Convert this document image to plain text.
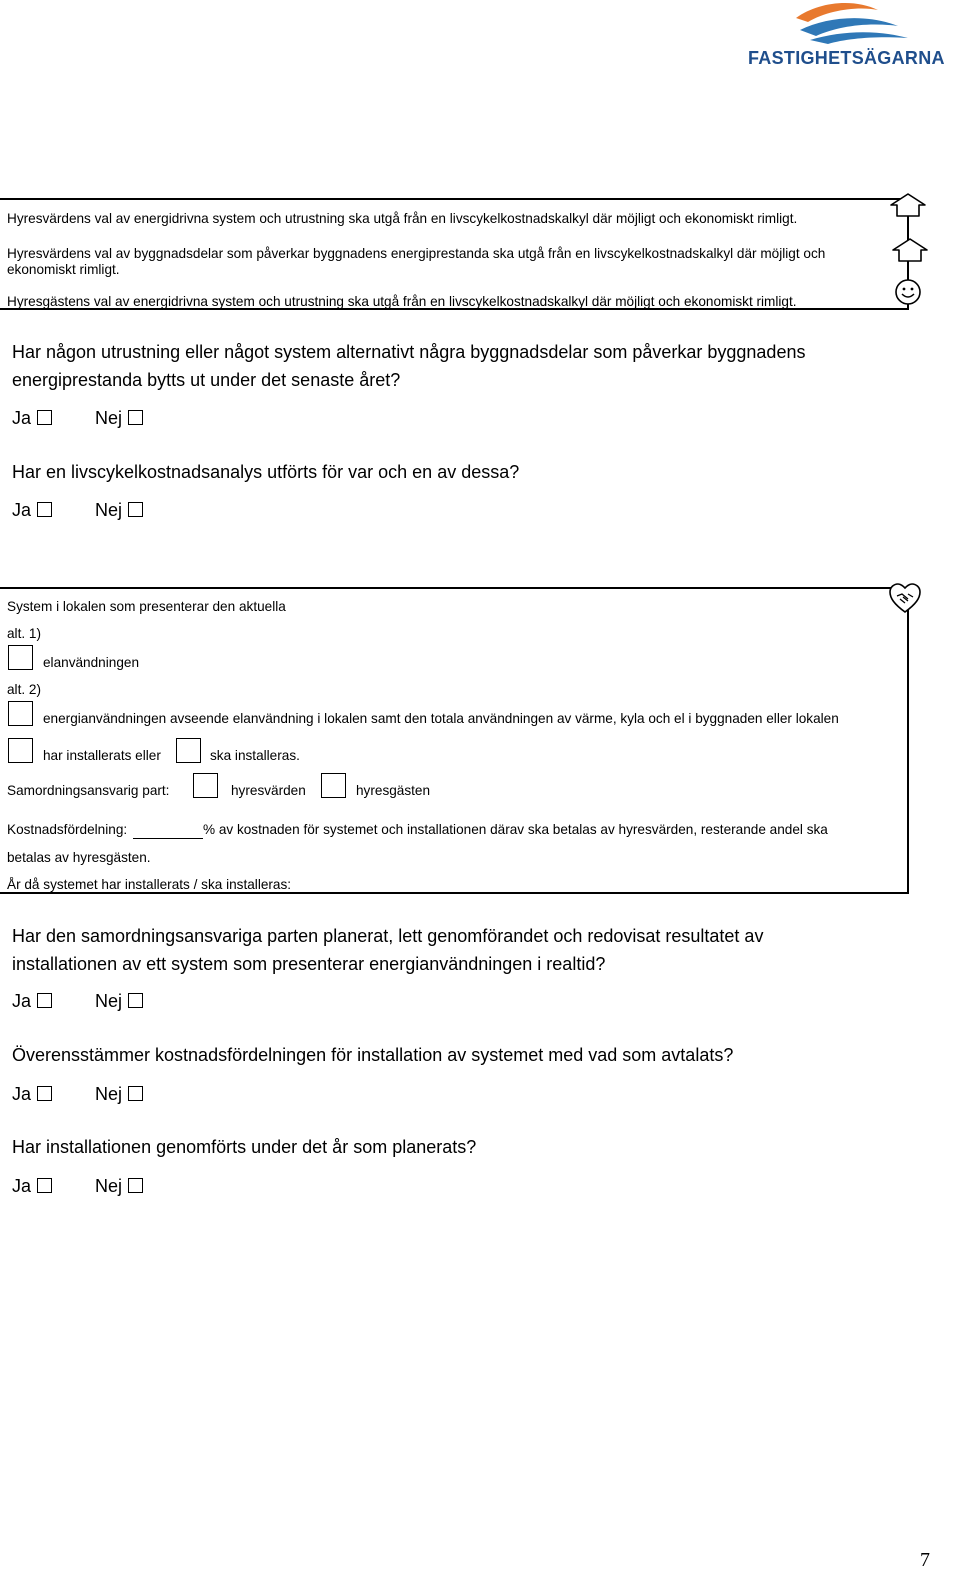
FASTIGHETSÄGARNA
Hyresvärdens val av energidrivna system och utrustning ska utgå från en livscykelkostnadskalkyl där möjligt och ekonomiskt rimligt.
Hyresvärdens val av byggnadsdelar som påverkar byggnadens energiprestanda ska utgå från en livscykelkostnadskalkyl där möjligt och
ekonomiskt rimligt.
Hyresgästens val av energidrivna system och utrustning ska utgå från en livscykelkostnadskalkyl där möjligt och ekonomiskt rimligt.
Har någon utrustning eller något system alternativt några byggnadsdelar som påverkar byggnadens
energiprestanda bytts ut under det senaste året?
Ja	Nej
Har en livscykelkostnadsanalys utförts för var och en av dessa?
Ja	Nej
System i lokalen som presenterar den aktuella
alt. 1)
elanvändningen
alt. 2)
energianvändningen avseende elanvändning i lokalen samt den totala användningen av värme, kyla och el i byggnaden eller lokalen
har installerats eller	ska installeras.
Samordningsansvarig part:	hyresvärden	hyresgästen
Kostnadsfördelning:	% av kostnaden för systemet och installationen därav ska betalas av hyresvärden, resterande andel ska
betalas av hyresgästen.
År då systemet har installerats / ska installeras:
Har den samordningsansvariga parten planerat, lett genomförandet och redovisat resultatet av
installationen av ett system som presenterar energianvändningen i realtid?
Ja	Nej
Överensstämmer kostnadsfördelningen för installation av systemet med vad som avtalats?
Ja	Nej
Har installationen genomförts under det år som planerats?
Ja	Nej
7
